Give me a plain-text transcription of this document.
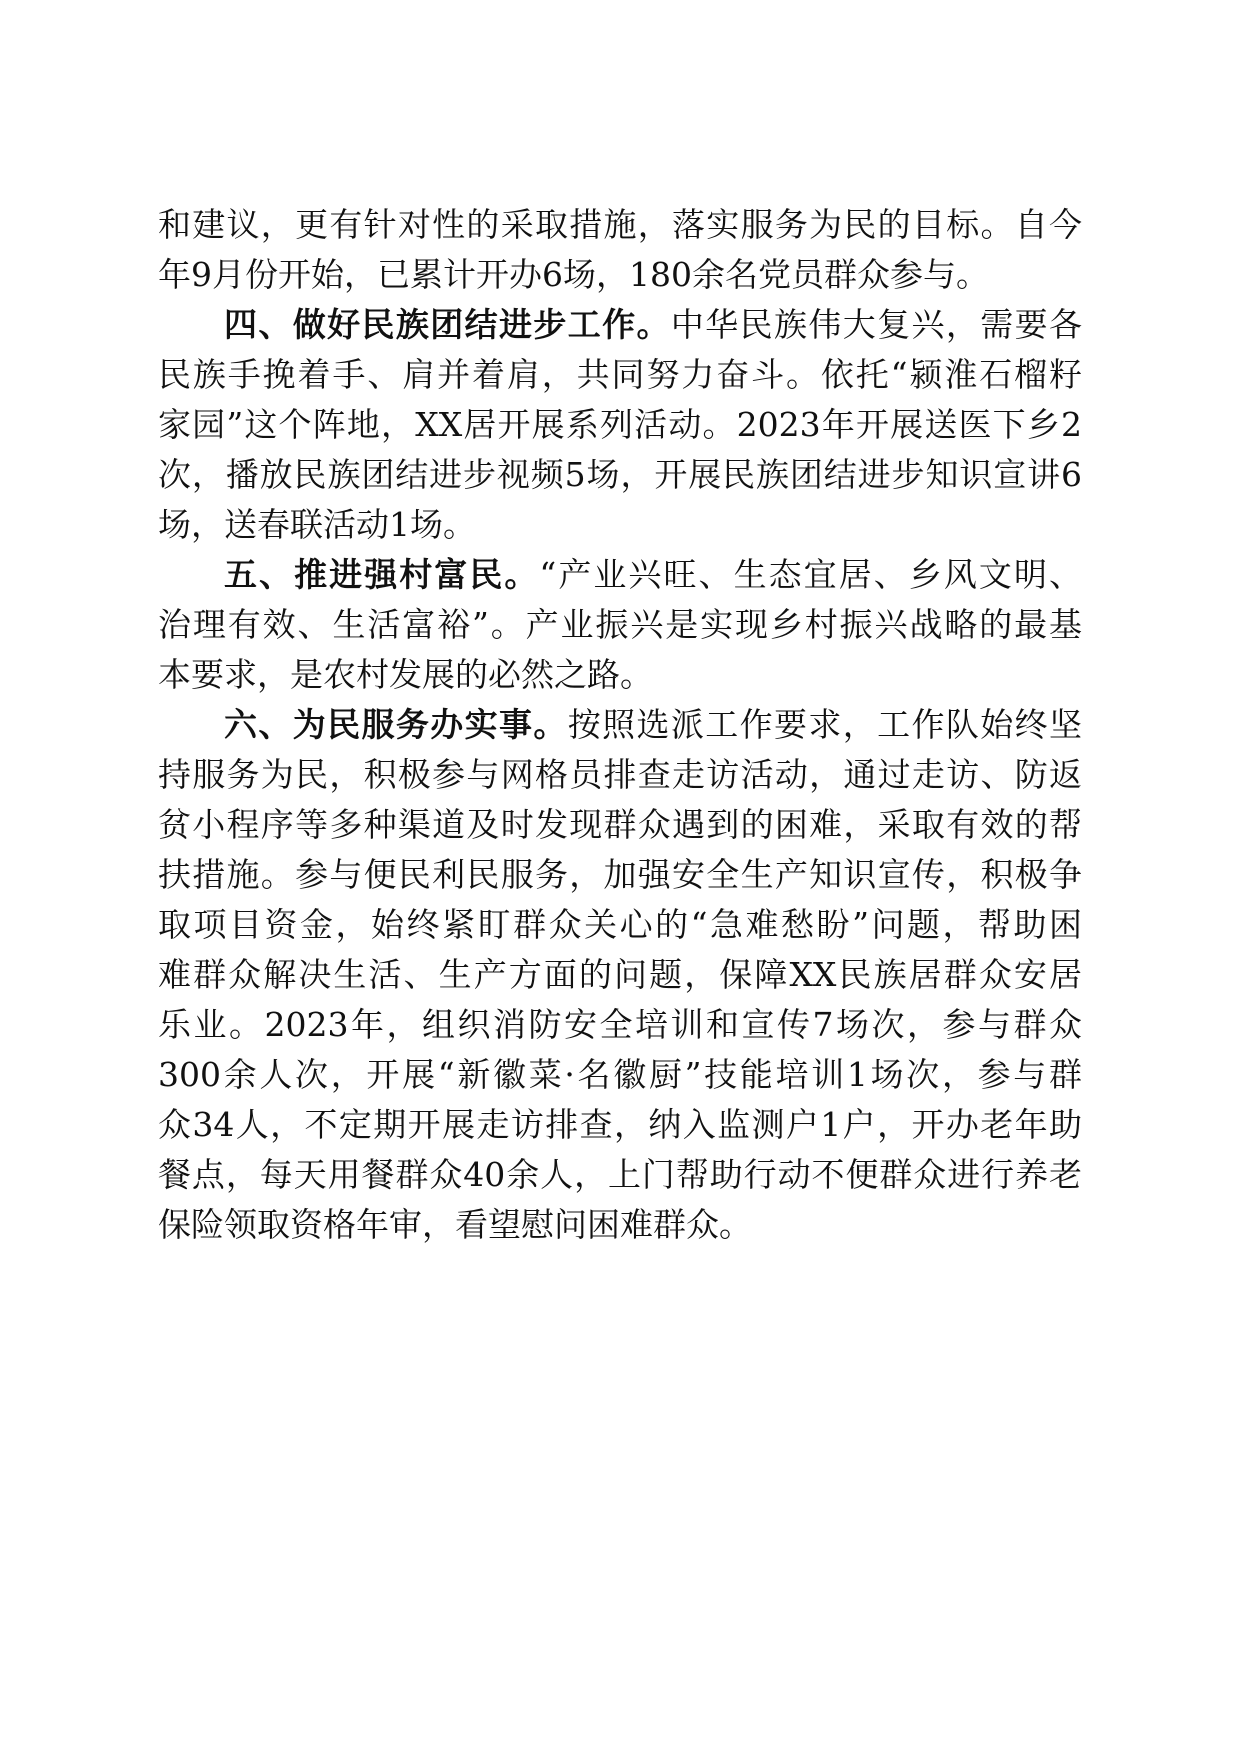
和建议，更有针对性的采取措施，落实服务为民的目标。自今
年9月份开始，已累计开办6场，180余名党员群众参与。
四、做好民族团结进步工作。中华民族伟大复兴，需要各
民族手挽着手、肩并着肩，共同努力奋斗。依托“颍淮石榴籽
家园”这个阵地，XX居开展系列活动。2023年开展送医下乡2
次，播放民族团结进步视频5场，开展民族团结进步知识宣讲6
场，送春联活动1场。
五、推进强村富民。“产业兴旺、生态宜居、乡风文明、
治理有效、生活富裕”。产业振兴是实现乡村振兴战略的最基
本要求，是农村发展的必然之路。
六、为民服务办实事。按照选派工作要求，工作队始终坚
持服务为民，积极参与网格员排查走访活动，通过走访、防返
贫小程序等多种渠道及时发现群众遇到的困难，采取有效的帮
扶措施。参与便民利民服务，加强安全生产知识宣传，积极争
取项目资金，始终紧盯群众关心的“急难愁盼”问题，帮助困
难群众解决生活、生产方面的问题，保障XX民族居群众安居
乐业。2023年，组织消防安全培训和宣传7场次，参与群众
300余人次，开展“新徽菜·名徽厨”技能培训1场次，参与群
众34人，不定期开展走访排查，纳入监测户1户，开办老年助
餐点，每天用餐群众40余人，上门帮助行动不便群众进行养老
保险领取资格年审，看望慰问困难群众。
